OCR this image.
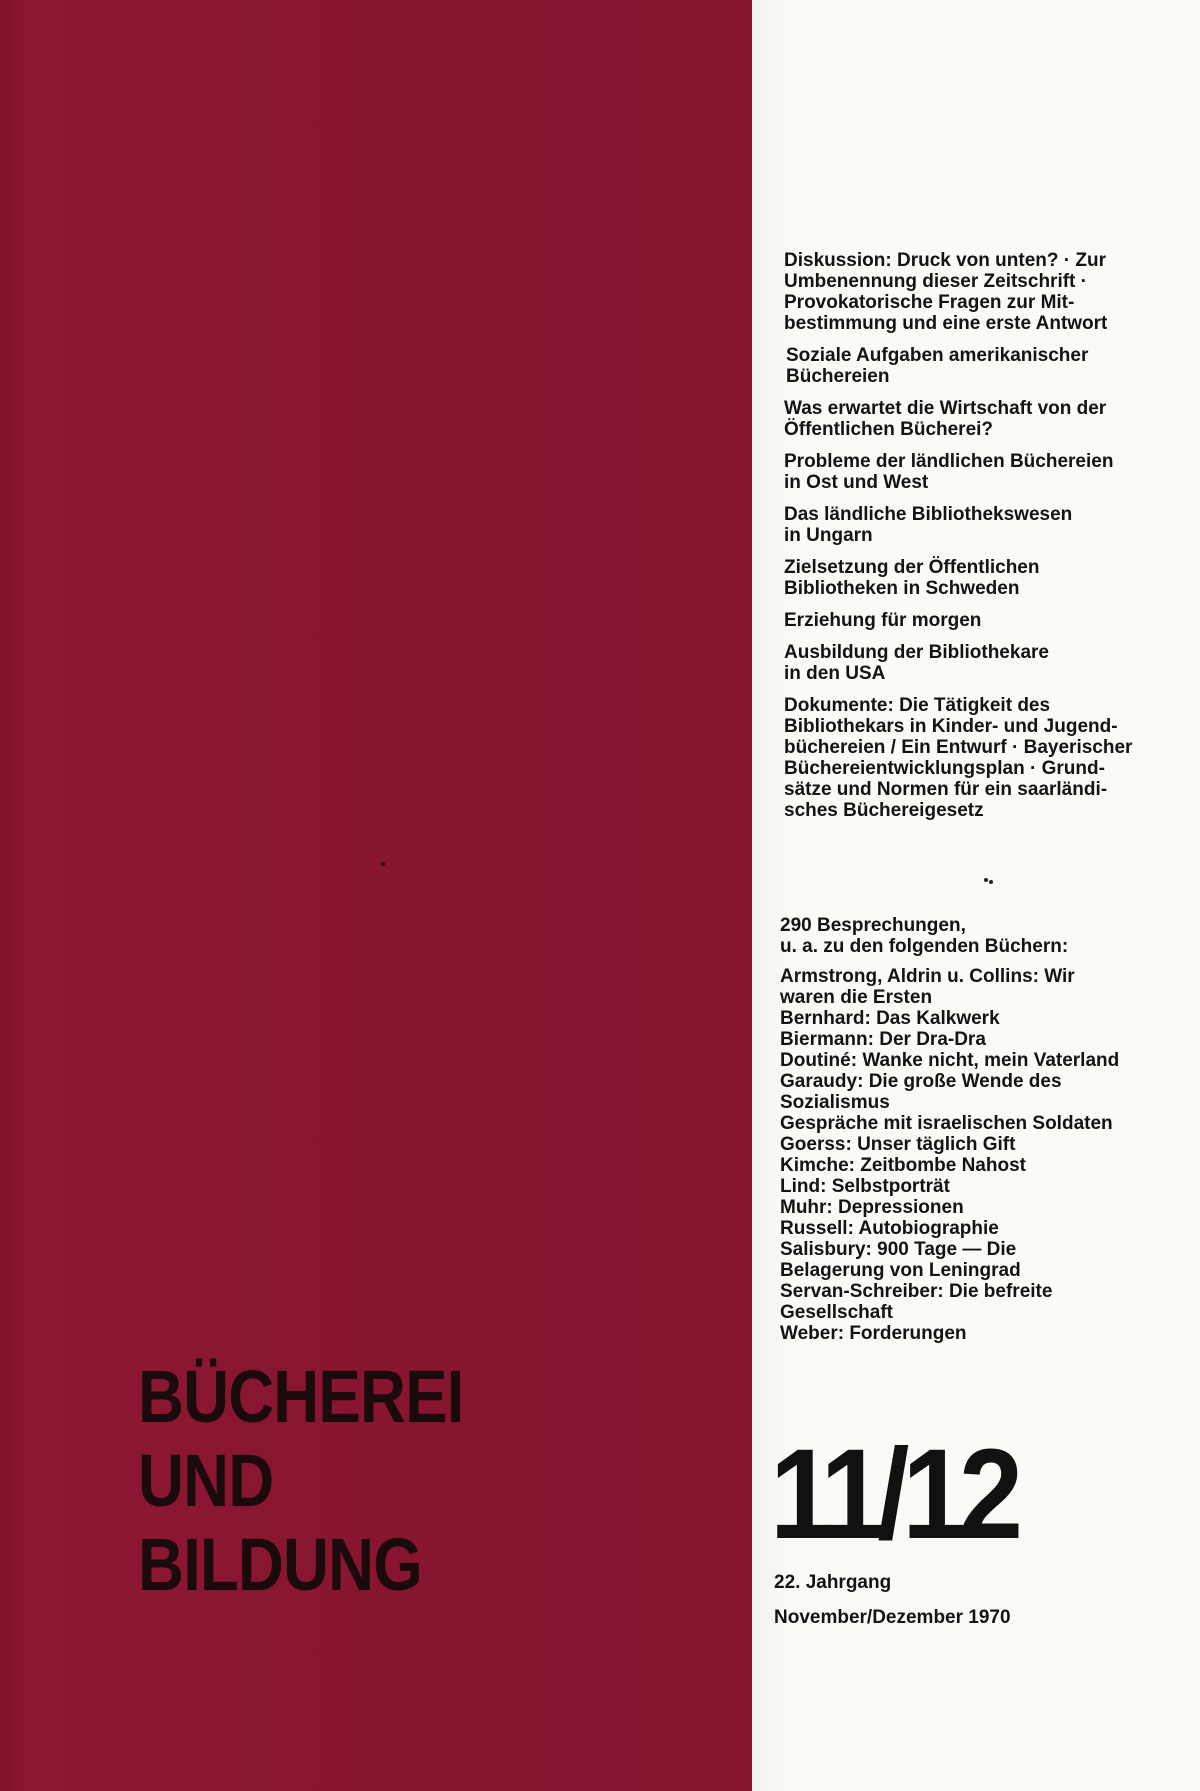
BÜCHEREI
UND
BILDUNG
Diskussion: Druck von unten? · Zur
Umbenennung dieser Zeitschrift ·
Provokatorische Fragen zur Mit-
bestimmung und eine erste Antwort
Soziale Aufgaben amerikanischer
Büchereien
Was erwartet die Wirtschaft von der
Öffentlichen Bücherei?
Probleme der ländlichen Büchereien
in Ost und West
Das ländliche Bibliothekswesen
in Ungarn
Zielsetzung der Öffentlichen
Bibliotheken in Schweden
Erziehung für morgen
Ausbildung der Bibliothekare
in den USA
Dokumente: Die Tätigkeit des
Bibliothekars in Kinder- und Jugend-
büchereien / Ein Entwurf · Bayerischer
Büchereientwicklungsplan · Grund-
sätze und Normen für ein saarländi-
sches Büchereigesetz
290 Besprechungen,
u. a. zu den folgenden Büchern:
Armstrong, Aldrin u. Collins: Wir
waren die Ersten
Bernhard: Das Kalkwerk
Biermann: Der Dra-Dra
Doutiné: Wanke nicht, mein Vaterland
Garaudy: Die große Wende des
Sozialismus
Gespräche mit israelischen Soldaten
Goerss: Unser täglich Gift
Kimche: Zeitbombe Nahost
Lind: Selbstporträt
Muhr: Depressionen
Russell: Autobiographie
Salisbury: 900 Tage — Die
Belagerung von Leningrad
Servan-Schreiber: Die befreite
Gesellschaft
Weber: Forderungen
11/12
22. Jahrgang
November/Dezember 1970
